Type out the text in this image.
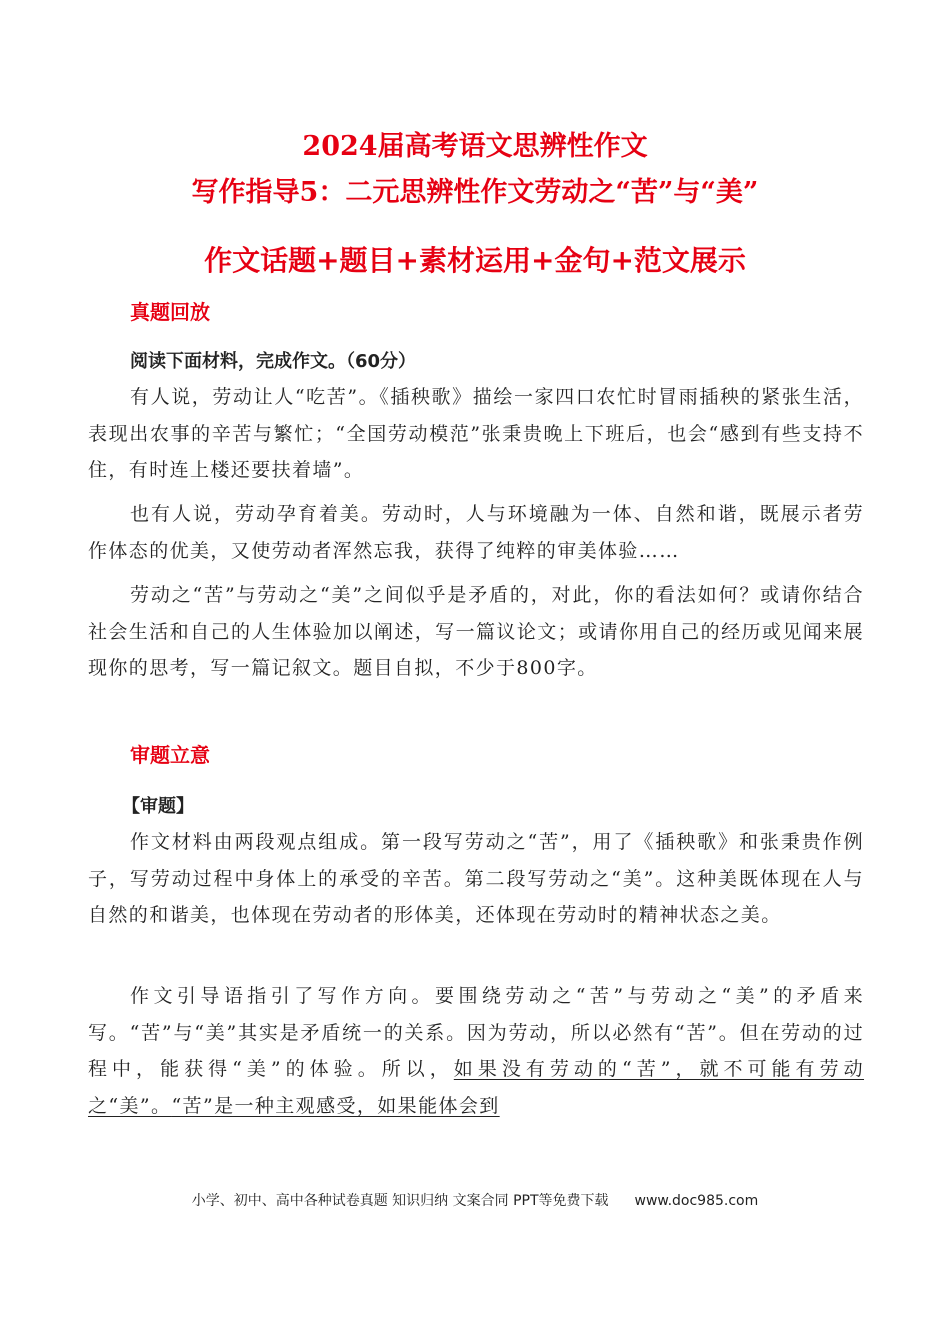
2024届高考语文思辨性作文
写作指导5：二元思辨性作文劳动之“苦”与“美”
作文话题+题目+素材运用+金句+范文展示
真题回放
阅读下面材料，完成作文。（60分）

有人说，劳动让人“吃苦”。《插秧歌》描绘一家四口农忙时冒雨插秧的紧张生活，表现出农事的辛苦与繁忙；“全国劳动模范”张秉贵晚上下班后，也会“感到有些支持不住，有时连上楼还要扶着墙”。

也有人说，劳动孕育着美。劳动时，人与环境融为一体、自然和谐，既展示者劳作体态的优美，又使劳动者浑然忘我，获得了纯粹的审美体验……

劳动之“苦”与劳动之“美”之间似乎是矛盾的，对此，你的看法如何？或请你结合社会生活和自己的人生体验加以阐述，写一篇议论文；或请你用自己的经历或见闻来展现你的思考，写一篇记叙文。题目自拟，不少于800字。

审题立意
【审题】

作文材料由两段观点组成。第一段写劳动之“苦”，用了《插秧歌》和张秉贵作例子，写劳动过程中身体上的承受的辛苦。第二段写劳动之“美”。这种美既体现在人与自然的和谐美，也体现在劳动者的形体美，还体现在劳动时的精神状态之美。

作文引导语指引了写作方向。要围绕劳动之“苦”与劳动之“美”的矛盾来写。“苦”与“美”其实是矛盾统一的关系。因为劳动，所以必然有“苦”。但在劳动的过程中，能获得“美”的体验。所以，如果没有劳动的“苦”，就不可能有劳动之“美”。“苦”是一种主观感受，如果能体会到

小学、初中、高中各种试卷真题 知识归纳 文案合同 PPT等免费下载 www.doc985.com
